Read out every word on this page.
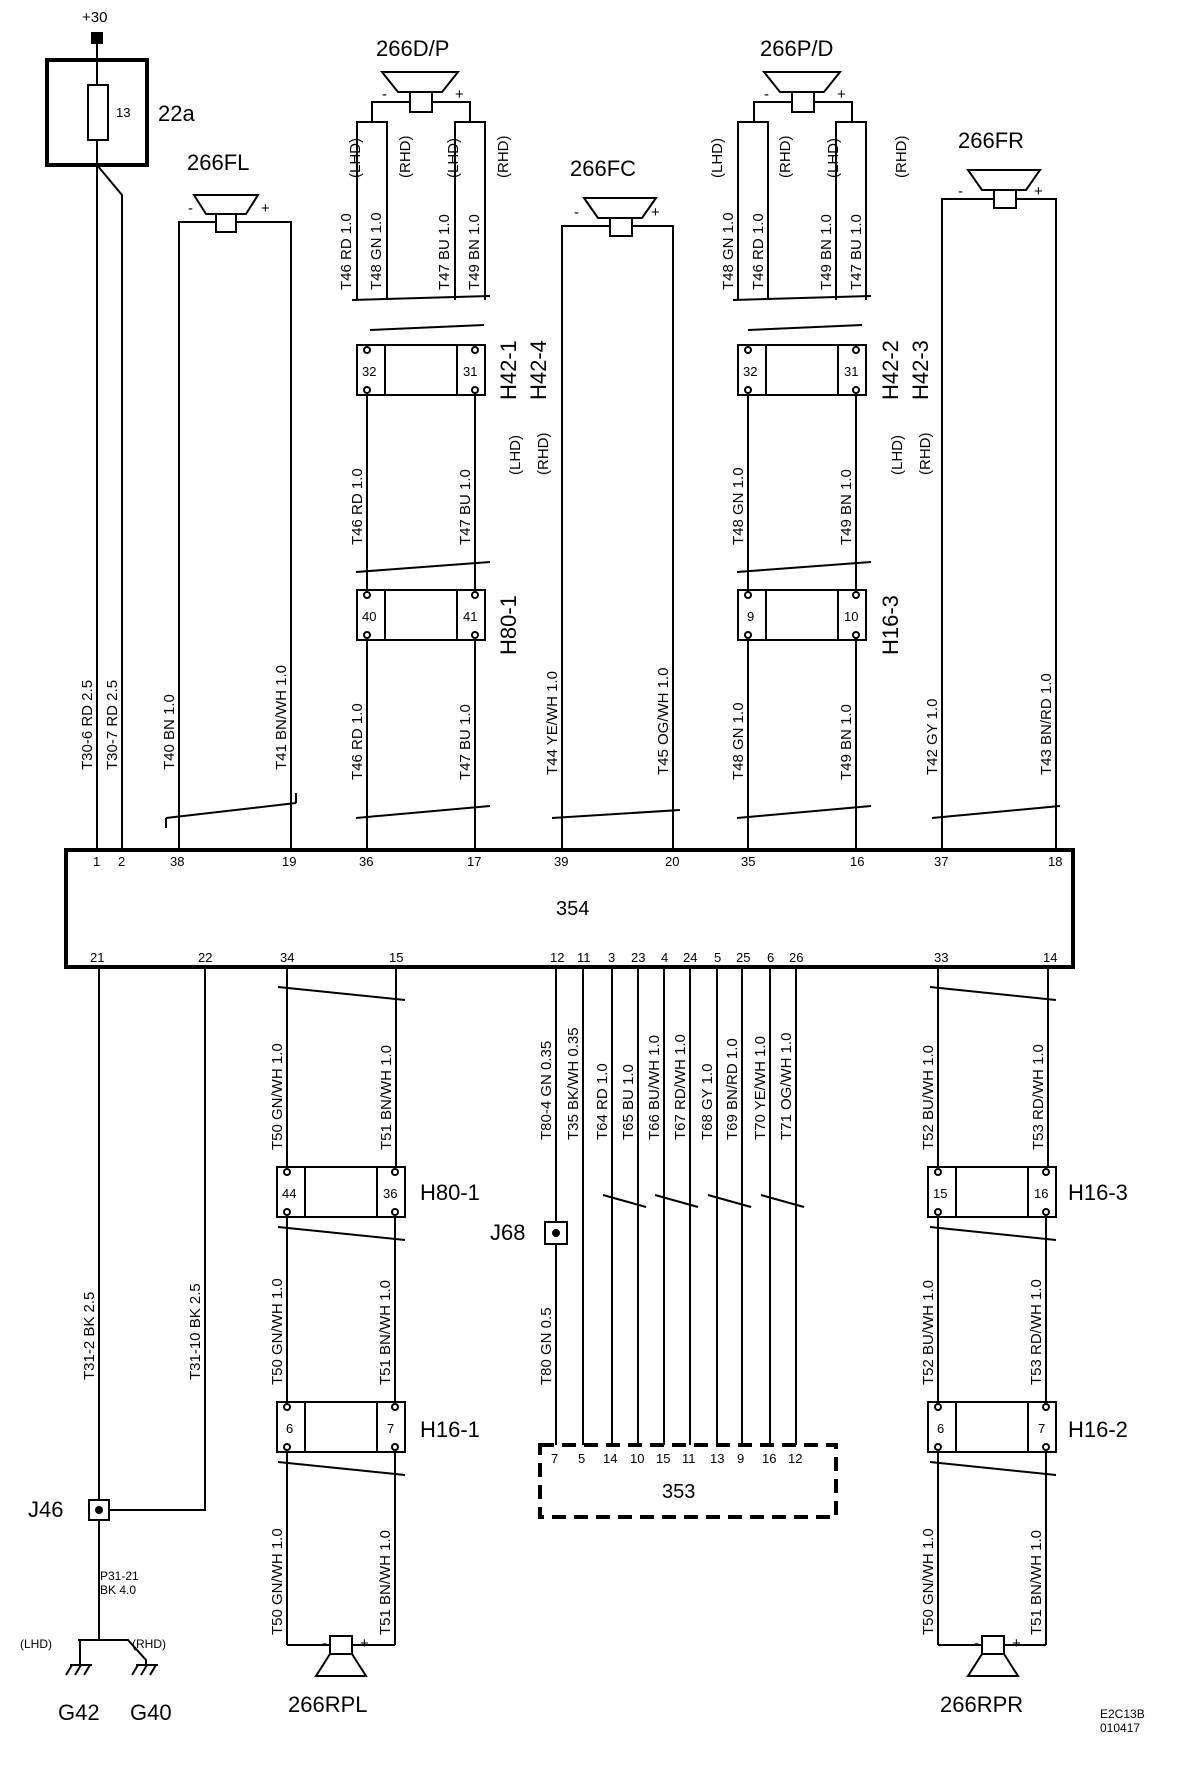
+30
13 22a
T30-6 RD 2.5 T30-7 RD 2.5
266FL
-	+
T40 BN 1.0	T41 BN/WH 1.0
266D/P
-	+
(LHD) (RHD) (LHD) (RHD)
T46 RD 1.0 T48 GN 1.0	T47 BU 1.0 T49 BN 1.0
32	31 H42-1 H42-4
(LHD) (RHD)
T46 RD 1.0	T47 BU 1.0
40	41 H80-1
T46 RD 1.0	T47 BU 1.0
266FC
-	+
T44 YE/WH 1.0	T45 OG/WH 1.0
266P/D
-	+
(LHD)	(RHD) (LHD)	(RHD)
T48 GN 1.0 T46 RD 1.0	T49 BN 1.0 T47 BU 1.0
32	31 H42-2 H42-3
(LHD) (RHD)
T48 GN 1.0	T49 BN 1.0
9	10 H16-3
T48 GN 1.0	T49 BN 1.0
266FR
-	+
T42 GY 1.0	T43 BN/RD 1.0
354
1 2	38	19	36	17	39	20	35	16	37	18
21	22	34	15	12 11 3 23 4 24 5 25 6 26	33	14
T31-2 BK 2.5	T31-10 BK 2.5
J46
P31-21
BK 4.0
(LHD)	(RHD)
G42 G40
T50 GN/WH 1.0	T51 BN/WH 1.0
44	36 H80-1
T50 GN/WH 1.0	T51 BN/WH 1.0
6	7 H16-1
T50 GN/WH 1.0	T51 BN/WH 1.0
- +
266RPL
J68
T80-4 GN 0.35 T35 BK/WH 0.35 T64 RD 1.0 T65 BU 1.0 T66 BU/WH 1.0 T67 RD/WH 1.0 T68 GY 1.0 T69 BN/RD 1.0 T70 YE/WH 1.0 T71 OG/WH 1.0
T80 GN 0.5
7 5 14 10 15 11 13 9 16 12
353
T52 BU/WH 1.0	T53 RD/WH 1.0
15	16 H16-3
T52 BU/WH 1.0	T53 RD/WH 1.0
6	7 H16-2
T50 GN/WH 1.0	T51 BN/WH 1.0
- +
266RPR	E2C13B
010417
